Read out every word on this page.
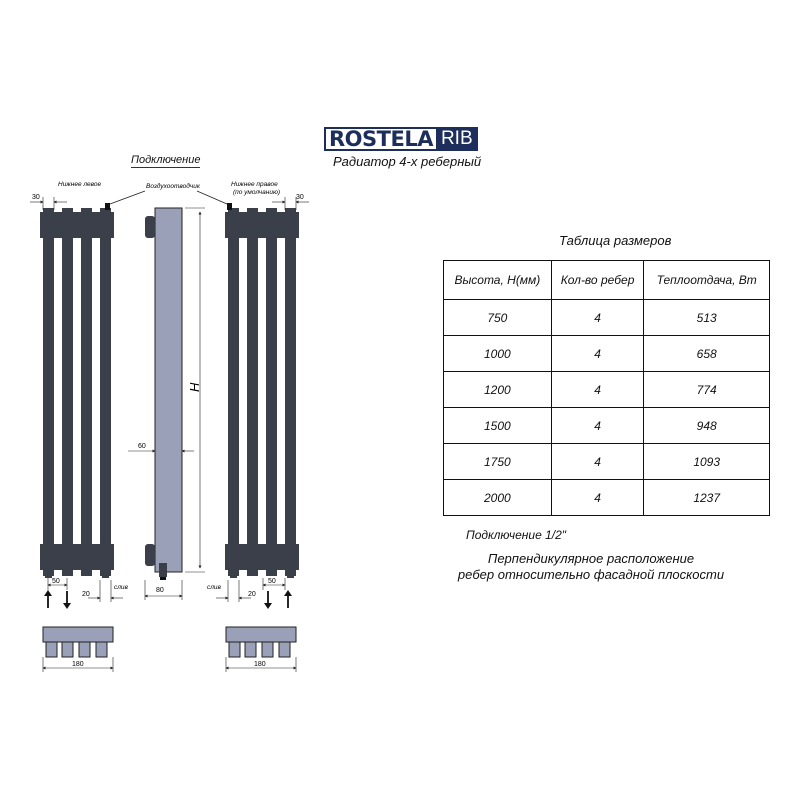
ROSTELA RIB
Радиатор 4-х реберный
Подключение
Нижнее левое	Воздухоотводчик	Нижнее правое
(по умолчанию)
30	30
H
60
80
50
20
слив
50
20
слив
180	180
Таблица размеров
Высота, Н(мм)	Кол-во ребер	Теплоотдача, Вт
750	4	513
1000	4	658
1200	4	774
1500	4	948
1750	4	1093
2000	4	1237
Подключение 1/2"
Перпендикулярное расположение
ребер относительно фасадной плоскости
